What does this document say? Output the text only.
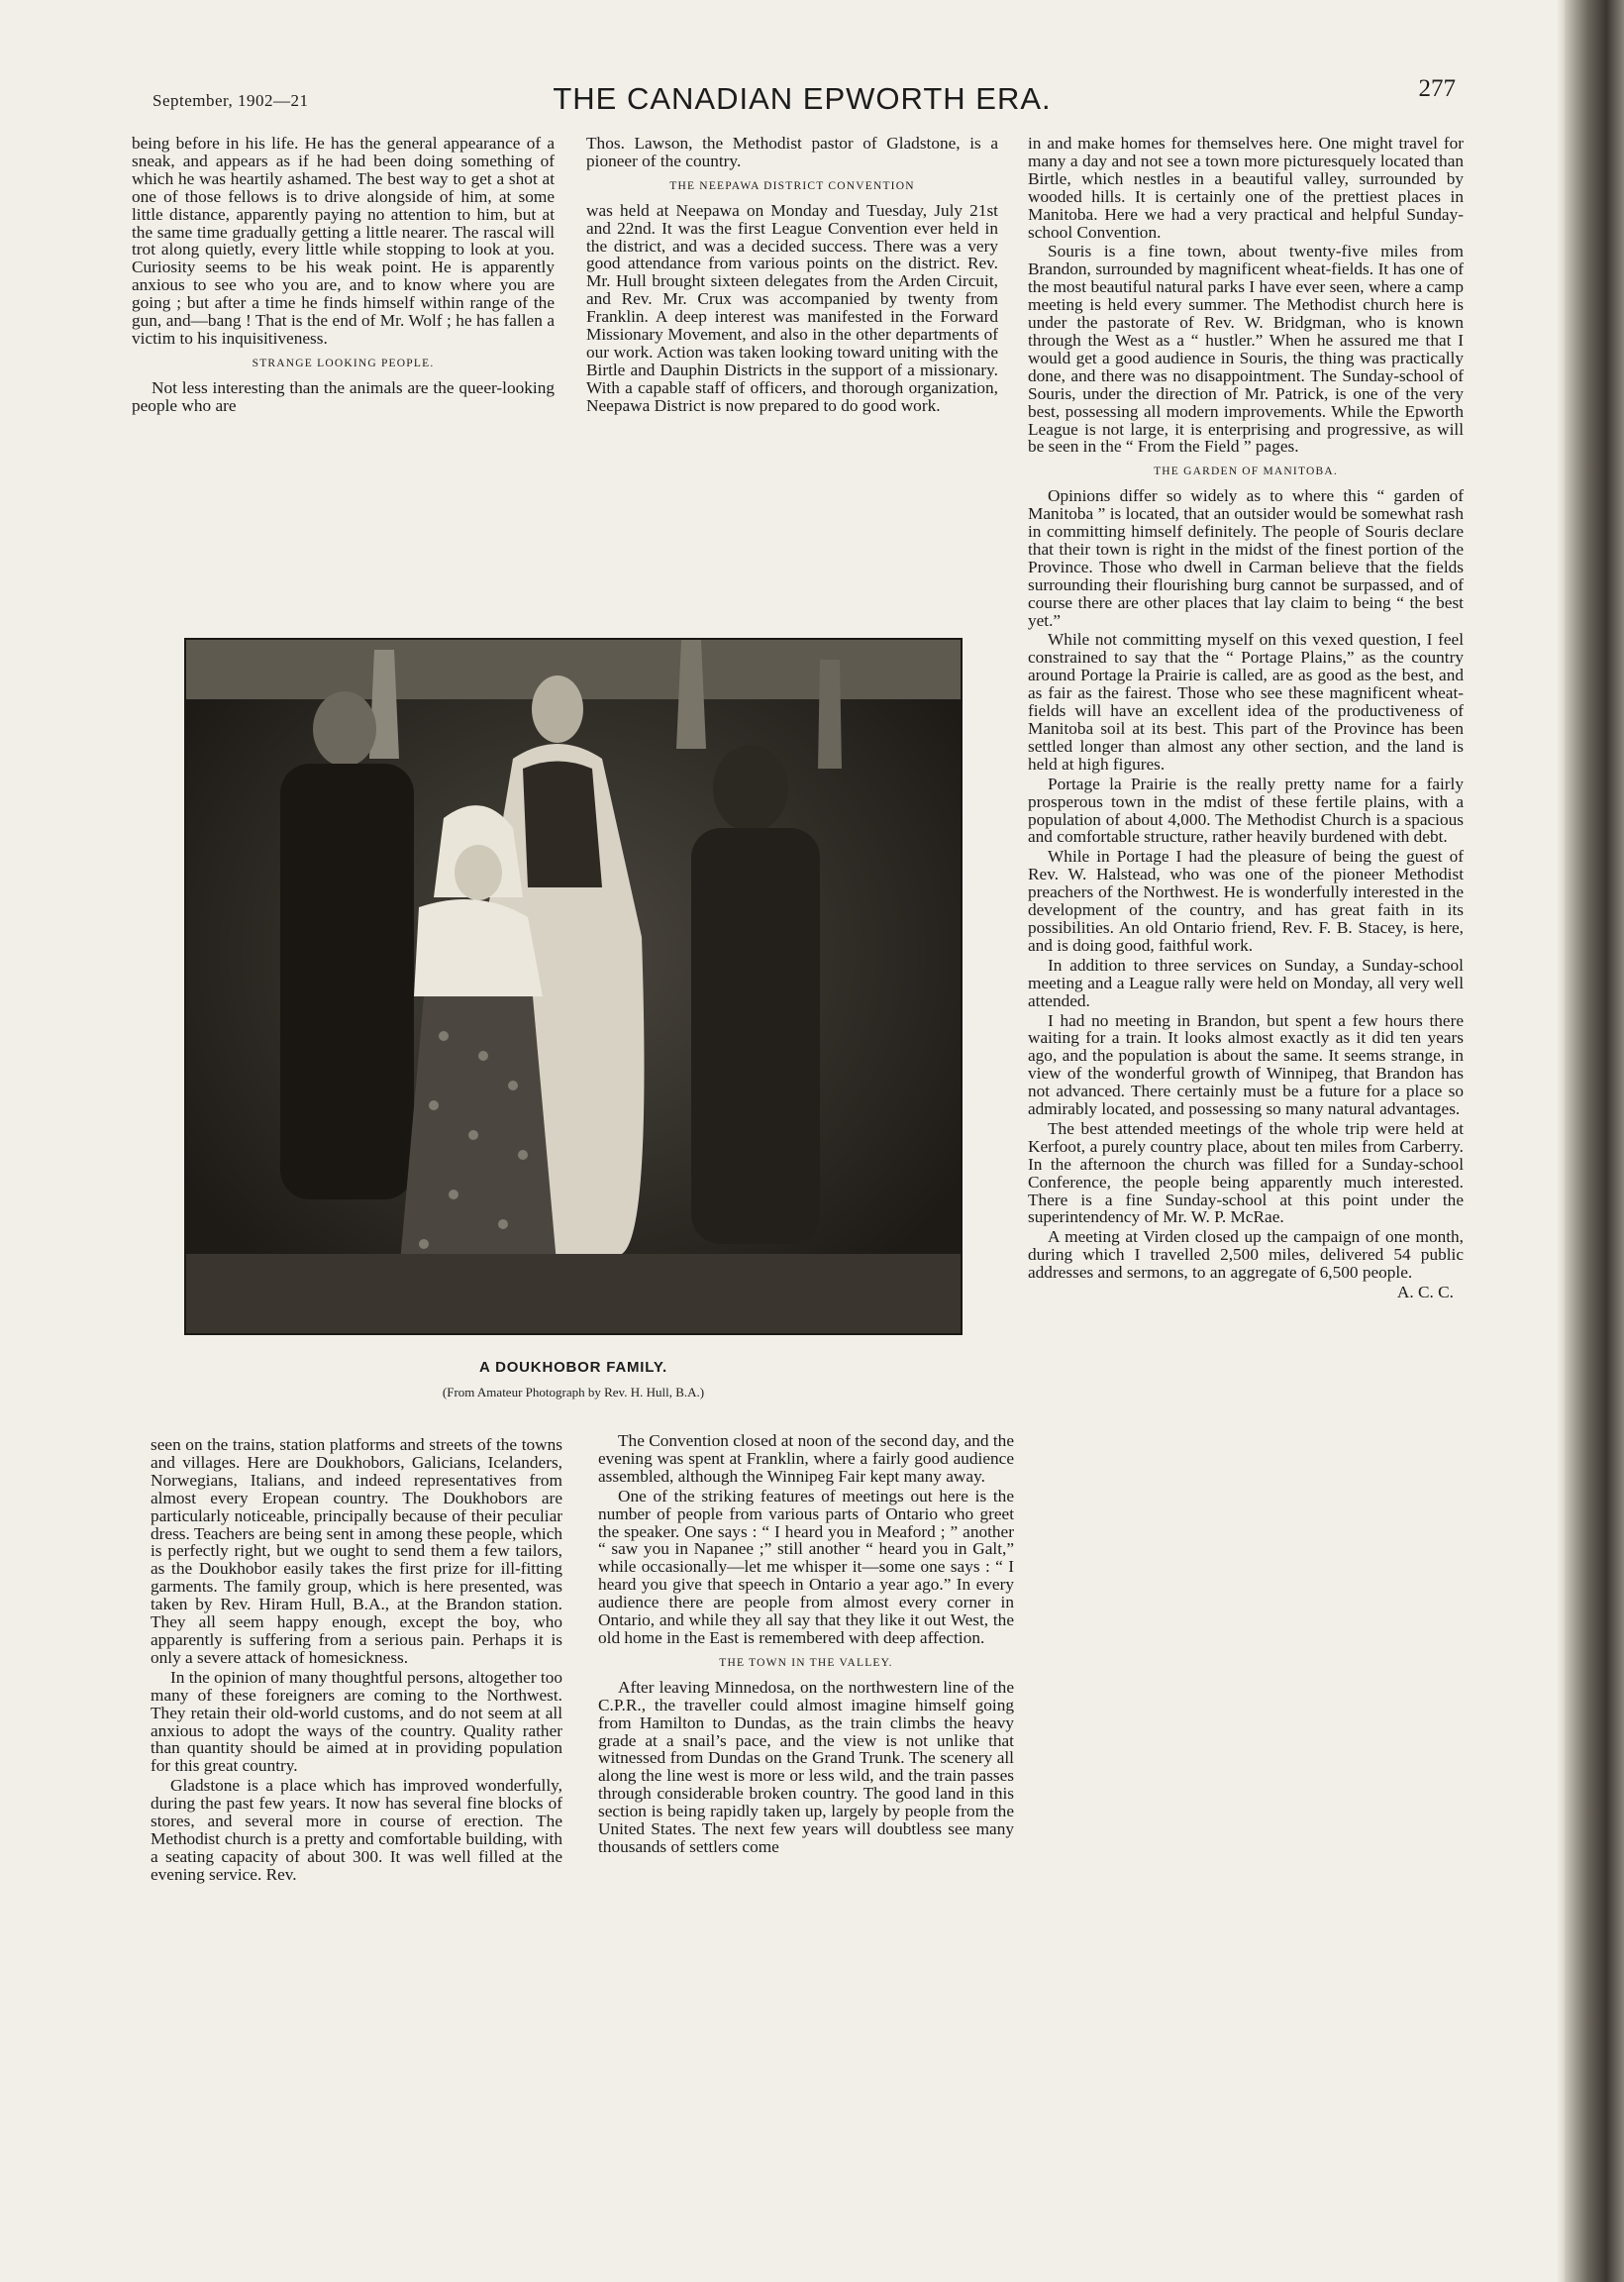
September, 1902—21	THE CANADIAN EPWORTH ERA.	277

being before in his life. He has the general appearance of a sneak, and appears as if he had been doing something of which he was heartily ashamed. The best way to get a shot at one of those fellows is to drive alongside of him, at some little distance, apparently paying no attention to him, but at the same time gradually getting a little nearer. The rascal will trot along quietly, every little while stopping to look at you. Curiosity seems to be his weak point. He is apparently anxious to see who you are, and to know where you are going ; but after a time he finds himself within range of the gun, and—bang ! That is the end of Mr. Wolf ; he has fallen a victim to his inquisitiveness.

STRANGE LOOKING PEOPLE.

Not less interesting than the animals are the queer-looking people who are

Thos. Lawson, the Methodist pastor of Gladstone, is a pioneer of the country.

THE NEEPAWA DISTRICT CONVENTION

was held at Neepawa on Monday and Tuesday, July 21st and 22nd. It was the first League Convention ever held in the district, and was a decided success. There was a very good attendance from various points on the district. Rev. Mr. Hull brought sixteen delegates from the Arden Circuit, and Rev. Mr. Crux was accompanied by twenty from Franklin. A deep interest was manifested in the Forward Missionary Movement, and also in the other departments of our work. Action was taken looking toward uniting with the Birtle and Dauphin Districts in the support of a missionary. With a capable staff of officers, and thorough organization, Neepawa District is now prepared to do good work.

in and make homes for themselves here. One might travel for many a day and not see a town more picturesquely located than Birtle, which nestles in a beautiful valley, surrounded by wooded hills. It is certainly one of the prettiest places in Manitoba. Here we had a very practical and helpful Sunday-school Convention.

Souris is a fine town, about twenty-five miles from Brandon, surrounded by magnificent wheat-fields. It has one of the most beautiful natural parks I have ever seen, where a camp meeting is held every summer. The Methodist church here is under the pastorate of Rev. W. Bridgman, who is known through the West as a “ hustler.” When he assured me that I would get a good audience in Souris, the thing was practically done, and there was no disappointment. The Sunday-school of Souris, under the direction of Mr. Patrick, is one of the very best, possessing all modern improvements. While the Epworth League is not large, it is enterprising and progressive, as will be seen in the “ From the Field ” pages.

THE GARDEN OF MANITOBA.

Opinions differ so widely as to where this “ garden of Manitoba ” is located, that an outsider would be somewhat rash in committing himself definitely. The people of Souris declare that their town is right in the midst of the finest portion of the Province. Those who dwell in Carman believe that the fields surrounding their flourishing burg cannot be surpassed, and of course there are other places that lay claim to being “ the best yet.”

While not committing myself on this vexed question, I feel constrained to say that the “ Portage Plains,” as the country around Portage la Prairie is called, are as good as the best, and as fair as the fairest. Those who see these magnificent wheat-fields will have an excellent idea of the productiveness of Manitoba soil at its best. This part of the Province has been settled longer than almost any other section, and the land is held at high figures.

Portage la Prairie is the really pretty name for a fairly prosperous town in the mdist of these fertile plains, with a population of about 4,000. The Methodist Church is a spacious and comfortable structure, rather heavily burdened with debt.

While in Portage I had the pleasure of being the guest of Rev. W. Halstead, who was one of the pioneer Methodist preachers of the Northwest. He is wonderfully interested in the development of the country, and has great faith in its possibilities. An old Ontario friend, Rev. F. B. Stacey, is here, and is doing good, faithful work.

In addition to three services on Sunday, a Sunday-school meeting and a League rally were held on Monday, all very well attended.

I had no meeting in Brandon, but spent a few hours there waiting for a train. It looks almost exactly as it did ten years ago, and the population is about the same. It seems strange, in view of the wonderful growth of Winnipeg, that Brandon has not advanced. There certainly must be a future for a place so admirably located, and possessing so many natural advantages.

The best attended meetings of the whole trip were held at Kerfoot, a purely country place, about ten miles from Carberry. In the afternoon the church was filled for a Sunday-school Conference, the people being apparently much interested. There is a fine Sunday-school at this point under the superintendency of Mr. W. P. McRae.

A meeting at Virden closed up the campaign of one month, during which I travelled 2,500 miles, delivered 54 public addresses and sermons, to an aggregate of 6,500 people.

A. C. C.

A DOUKHOBOR FAMILY.
(From Amateur Photograph by Rev. H. Hull, B.A.)

seen on the trains, station platforms and streets of the towns and villages. Here are Doukhobors, Galicians, Icelanders, Norwegians, Italians, and indeed representatives from almost every Eropean country. The Doukhobors are particularly noticeable, principally because of their peculiar dress. Teachers are being sent in among these people, which is perfectly right, but we ought to send them a few tailors, as the Doukhobor easily takes the first prize for ill-fitting garments. The family group, which is here presented, was taken by Rev. Hiram Hull, B.A., at the Brandon station. They all seem happy enough, except the boy, who apparently is suffering from a serious pain. Perhaps it is only a severe attack of homesickness.

In the opinion of many thoughtful persons, altogether too many of these foreigners are coming to the Northwest. They retain their old-world customs, and do not seem at all anxious to adopt the ways of the country. Quality rather than quantity should be aimed at in providing population for this great country.

Gladstone is a place which has improved wonderfully, during the past few years. It now has several fine blocks of stores, and several more in course of erection. The Methodist church is a pretty and comfortable building, with a seating capacity of about 300. It was well filled at the evening service. Rev.

The Convention closed at noon of the second day, and the evening was spent at Franklin, where a fairly good audience assembled, although the Winnipeg Fair kept many away.

One of the striking features of meetings out here is the number of people from various parts of Ontario who greet the speaker. One says : “ I heard you in Meaford ; ” another “ saw you in Napanee ;” still another “ heard you in Galt,” while occasionally—let me whisper it—some one says : “ I heard you give that speech in Ontario a year ago.” In every audience there are people from almost every corner in Ontario, and while they all say that they like it out West, the old home in the East is remembered with deep affection.

THE TOWN IN THE VALLEY.

After leaving Minnedosa, on the northwestern line of the C.P.R., the traveller could almost imagine himself going from Hamilton to Dundas, as the train climbs the heavy grade at a snail’s pace, and the view is not unlike that witnessed from Dundas on the Grand Trunk. The scenery all along the line west is more or less wild, and the train passes through considerable broken country. The good land in this section is being rapidly taken up, largely by people from the United States. The next few years will doubtless see many thousands of settlers come
